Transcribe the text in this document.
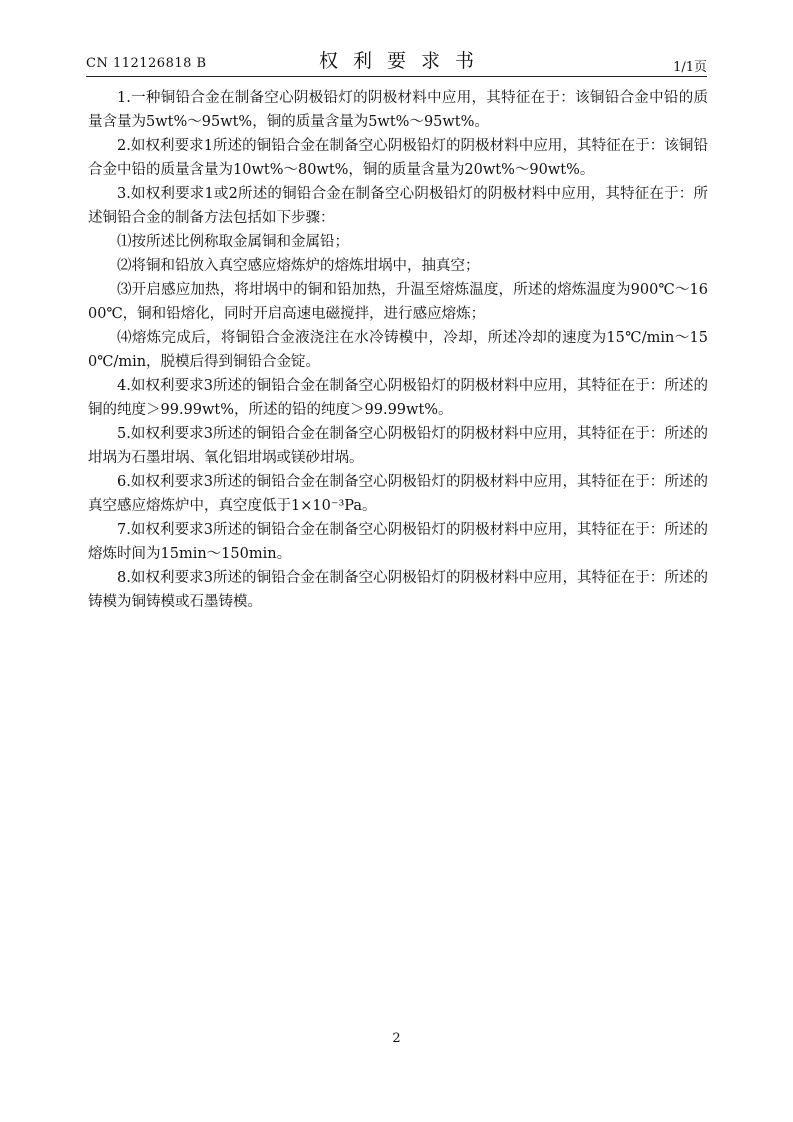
CN 112126818 B	权利要求书	1/1页

1.一种铜铅合金在制备空心阴极铅灯的阴极材料中应用，其特征在于：该铜铅合金中铅的质量含量为5wt%～95wt%，铜的质量含量为5wt%～95wt%。

2.如权利要求1所述的铜铅合金在制备空心阴极铅灯的阴极材料中应用，其特征在于：该铜铅合金中铅的质量含量为10wt%～80wt%，铜的质量含量为20wt%～90wt%。

3.如权利要求1或2所述的铜铅合金在制备空心阴极铅灯的阴极材料中应用，其特征在于：所述铜铅合金的制备方法包括如下步骤：

⑴按所述比例称取金属铜和金属铅；

⑵将铜和铅放入真空感应熔炼炉的熔炼坩埚中，抽真空；

⑶开启感应加热，将坩埚中的铜和铅加热，升温至熔炼温度，所述的熔炼温度为900℃～1600℃，铜和铅熔化，同时开启高速电磁搅拌，进行感应熔炼；

⑷熔炼完成后，将铜铅合金液浇注在水冷铸模中，冷却，所述冷却的速度为15℃/min～150℃/min，脱模后得到铜铅合金锭。

4.如权利要求3所述的铜铅合金在制备空心阴极铅灯的阴极材料中应用，其特征在于：所述的铜的纯度＞99.99wt%，所述的铅的纯度＞99.99wt%。

5.如权利要求3所述的铜铅合金在制备空心阴极铅灯的阴极材料中应用，其特征在于：所述的坩埚为石墨坩埚、氧化铝坩埚或镁砂坩埚。

6.如权利要求3所述的铜铅合金在制备空心阴极铅灯的阴极材料中应用，其特征在于：所述的真空感应熔炼炉中，真空度低于1×10⁻³Pa。

7.如权利要求3所述的铜铅合金在制备空心阴极铅灯的阴极材料中应用，其特征在于：所述的熔炼时间为15min～150min。

8.如权利要求3所述的铜铅合金在制备空心阴极铅灯的阴极材料中应用，其特征在于：所述的铸模为铜铸模或石墨铸模。

2
